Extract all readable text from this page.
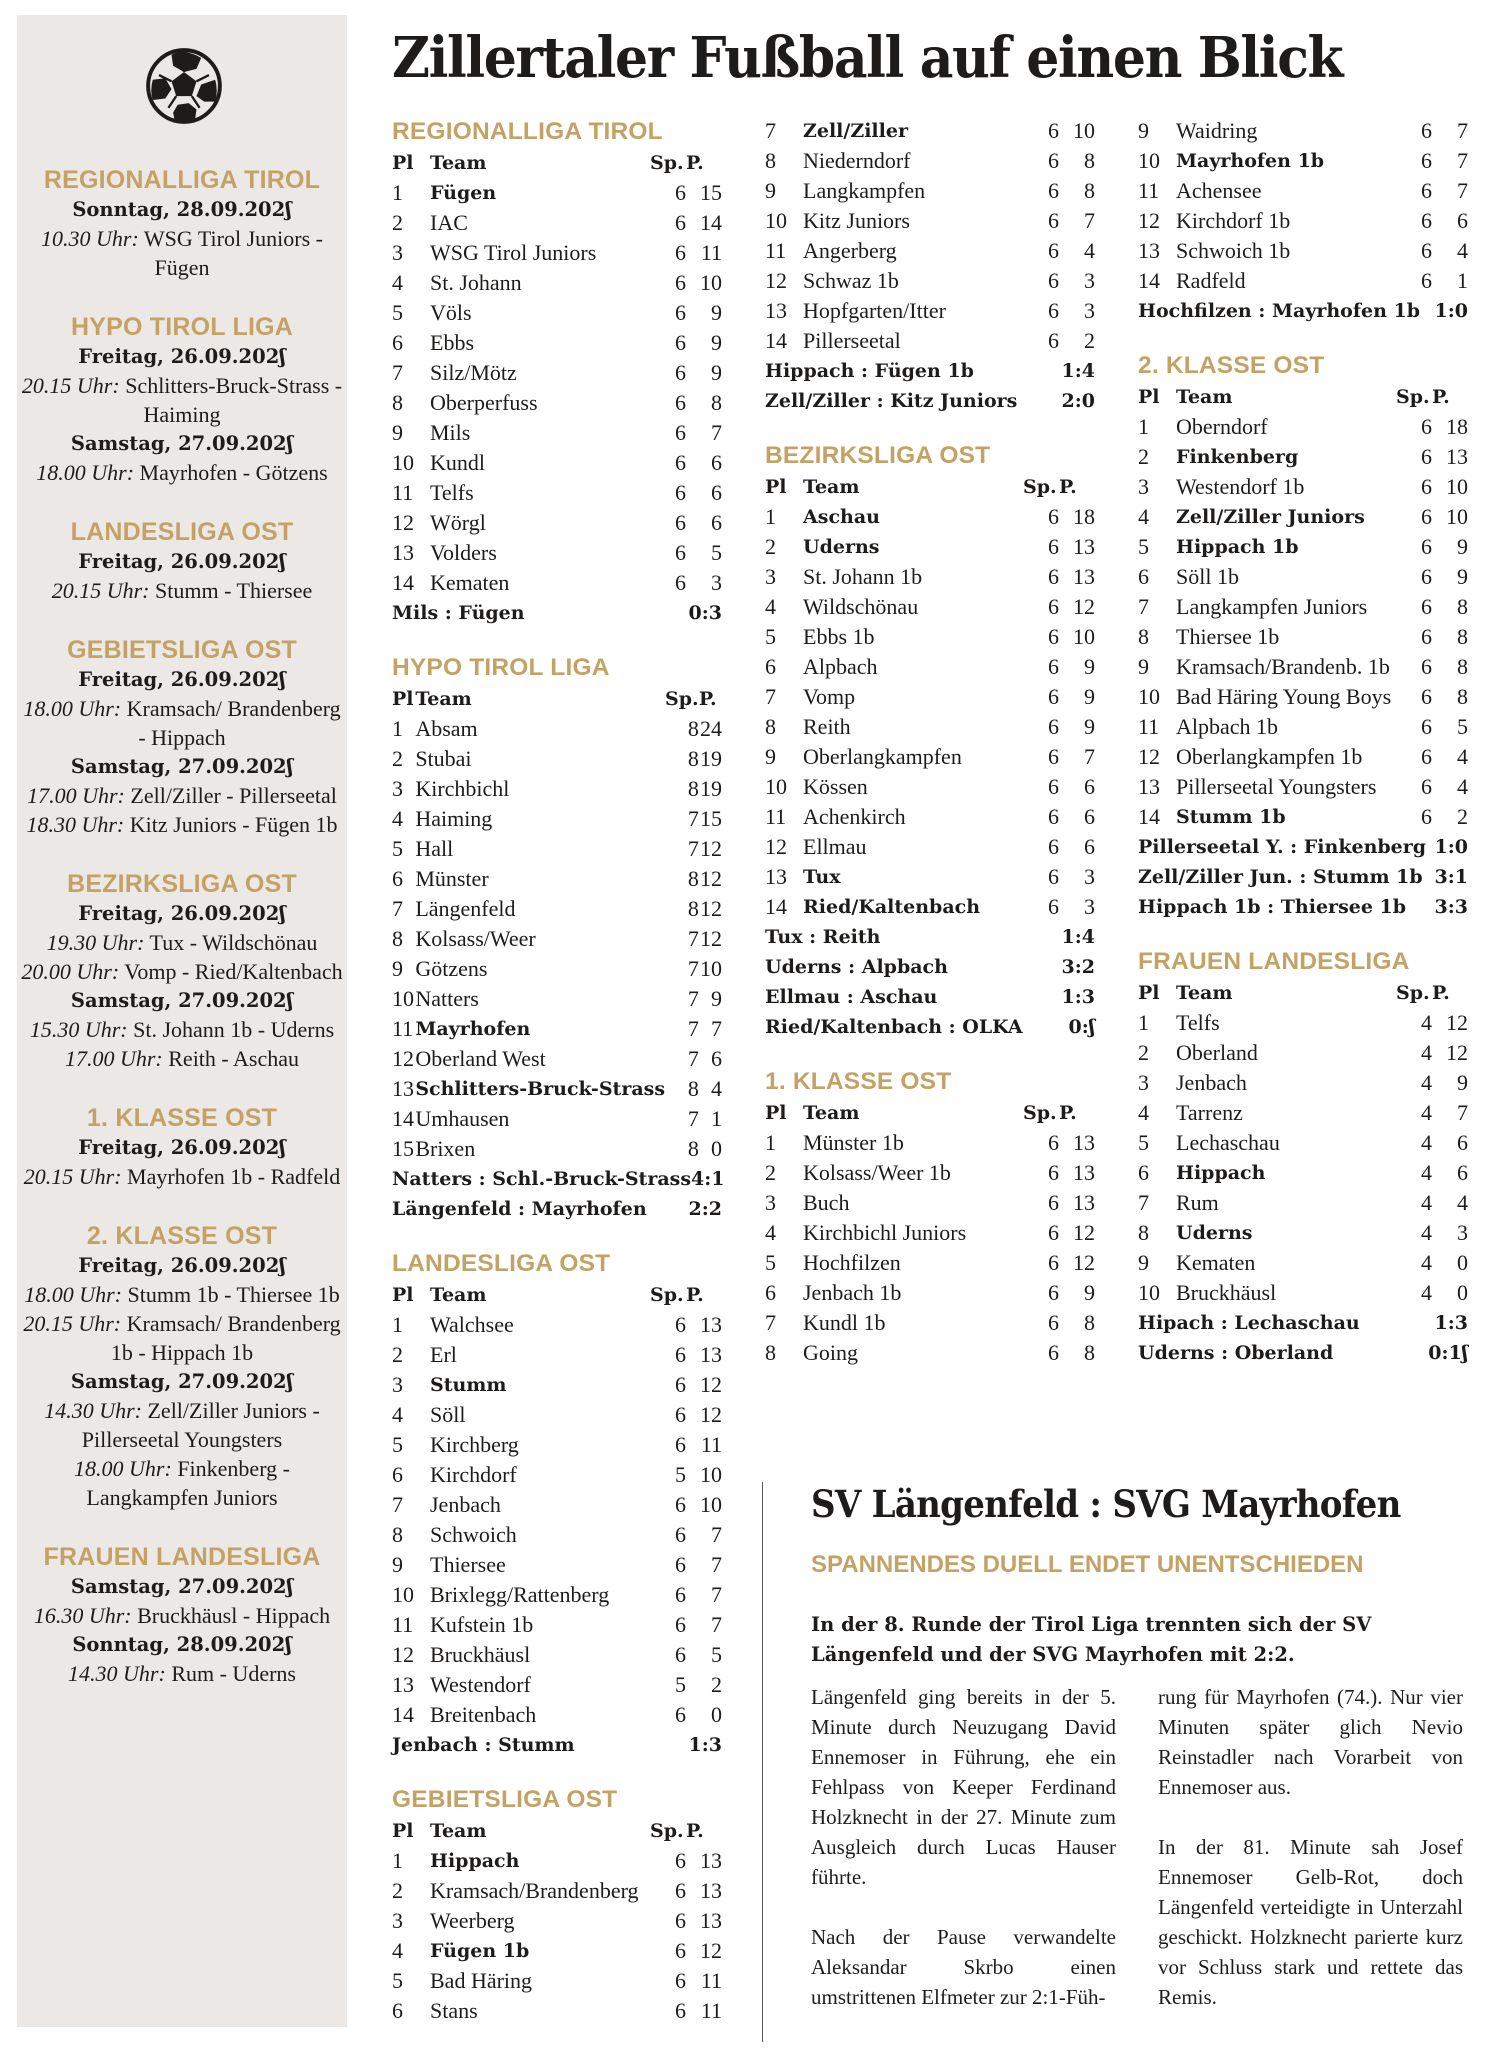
REGIONALLIGA TIROL
Sonntag, 28.09.202ʃ
10.30 Uhr: WSG Tirol Juniors - Fügen
HYPO TIROL LIGA
Freitag, 26.09.202ʃ
20.15 Uhr: Schlitters-Bruck-Strass - Haiming
Samstag, 27.09.202ʃ
18.00 Uhr: Mayrhofen - Götzens
LANDESLIGA OST
Freitag, 26.09.202ʃ
20.15 Uhr: Stumm - Thiersee
GEBIETSLIGA OST
Freitag, 26.09.202ʃ
18.00 Uhr: Kramsach/ Brandenberg - Hippach
Samstag, 27.09.202ʃ
17.00 Uhr: Zell/Ziller - Pillerseetal
18.30 Uhr: Kitz Juniors - Fügen 1b
BEZIRKSLIGA OST
Freitag, 26.09.202ʃ
19.30 Uhr: Tux - Wildschönau
20.00 Uhr: Vomp - Ried/Kaltenbach
Samstag, 27.09.202ʃ
15.30 Uhr: St. Johann 1b - Uderns
17.00 Uhr: Reith - Aschau
1. KLASSE OST
Freitag, 26.09.202ʃ
20.15 Uhr: Mayrhofen 1b - Radfeld
2. KLASSE OST
Freitag, 26.09.202ʃ
18.00 Uhr: Stumm 1b - Thiersee 1b
20.15 Uhr: Kramsach/ Brandenberg 1b - Hippach 1b
Samstag, 27.09.202ʃ
14.30 Uhr: Zell/Ziller Juniors - Pillerseetal Youngsters
18.00 Uhr: Finkenberg - Langkampfen Juniors
FRAUEN LANDESLIGA
Samstag, 27.09.202ʃ
16.30 Uhr: Bruckhäusl - Hippach
Sonntag, 28.09.202ʃ
14.30 Uhr: Rum - Uderns
Zillertaler Fußball auf einen Blick
REGIONALLIGA TIROL
Pl	Team	Sp.	P.
1	Fügen	6	15
2	IAC	6	14
3	WSG Tirol Juniors	6	11
4	St. Johann	6	10
5	Völs	6	9
6	Ebbs	6	9
7	Silz/Mötz	6	9
8	Oberperfuss	6	8
9	Mils	6	7
10	Kundl	6	6
11	Telfs	6	6
12	Wörgl	6	6
13	Volders	6	5
14	Kematen	6	3
Mils : Fügen	0:3
HYPO TIROL LIGA
Pl	Team	Sp.	P.
1	Absam	8	24
2	Stubai	8	19
3	Kirchbichl	8	19
4	Haiming	7	15
5	Hall	7	12
6	Münster	8	12
7	Längenfeld	8	12
8	Kolsass/Weer	7	12
9	Götzens	7	10
10	Natters	7	9
11	Mayrhofen	7	7
12	Oberland West	7	6
13	Schlitters-Bruck-Strass	8	4
14	Umhausen	7	1
15	Brixen	8	0
Natters : Schl.-Bruck-Strass 4:1
Längenfeld : Mayrhofen 2:2
LANDESLIGA OST
Pl	Team	Sp.	P.
1	Walchsee	6	13
2	Erl	6	13
3	Stumm	6	12
4	Söll	6	12
5	Kirchberg	6	11
6	Kirchdorf	5	10
7	Jenbach	6	10
8	Schwoich	6	7
9	Thiersee	6	7
10	Brixlegg/Rattenberg	6	7
11	Kufstein 1b	6	7
12	Bruckhäusl	6	5
13	Westendorf	5	2
14	Breitenbach	6	0
Jenbach : Stumm	1:3
GEBIETSLIGA OST
Pl	Team	Sp.	P.
1	Hippach	6	13
2	Kramsach/Brandenberg	6	13
3	Weerberg	6	13
4	Fügen 1b	6	12
5	Bad Häring	6	11
6	Stans	6	11
7	Zell/Ziller	6	10
8	Niederndorf	6	8
9	Langkampfen	6	8
10	Kitz Juniors	6	7
11	Angerberg	6	4
12	Schwaz 1b	6	3
13	Hopfgarten/Itter	6	3
14	Pillerseetal	6	2
Hippach : Fügen 1b	1:4
Zell/Ziller : Kitz Juniors 2:0
BEZIRKSLIGA OST
Pl	Team	Sp.	P.
1	Aschau	6	18
2	Uderns	6	13
3	St. Johann 1b	6	13
4	Wildschönau	6	12
5	Ebbs 1b	6	10
6	Alpbach	6	9
7	Vomp	6	9
8	Reith	6	9
9	Oberlangkampfen	6	7
10	Kössen	6	6
11	Achenkirch	6	6
12	Ellmau	6	6
13	Tux	6	3
14	Ried/Kaltenbach	6	3
Tux : Reith	1:4
Uderns : Alpbach	3:2
Ellmau : Aschau	1:3
Ried/Kaltenbach : OLKA 0:ʃ
1. KLASSE OST
Pl	Team	Sp.	P.
1	Münster 1b	6	13
2	Kolsass/Weer 1b	6	13
3	Buch	6	13
4	Kirchbichl Juniors	6	12
5	Hochfilzen	6	12
6	Jenbach 1b	6	9
7	Kundl 1b	6	8
8	Going	6	8
9	Waidring	6	7
10	Mayrhofen 1b	6	7
11	Achensee	6	7
12	Kirchdorf 1b	6	6
13	Schwoich 1b	6	4
14	Radfeld	6	1
Hochfilzen : Mayrhofen 1b 1:0
2. KLASSE OST
Pl	Team	Sp.	P.
1	Oberndorf	6	18
2	Finkenberg	6	13
3	Westendorf 1b	6	10
4	Zell/Ziller Juniors	6	10
5	Hippach 1b	6	9
6	Söll 1b	6	9
7	Langkampfen Juniors	6	8
8	Thiersee 1b	6	8
9	Kramsach/Brandenb. 1b	6	8
10	Bad Häring Young Boys	6	8
11	Alpbach 1b	6	5
12	Oberlangkampfen 1b	6	4
13	Pillerseetal Youngsters	6	4
14	Stumm 1b	6	2
Pillerseetal Y. : Finkenberg 1:0
Zell/Ziller Jun. : Stumm 1b 3:1
Hippach 1b : Thiersee 1b 3:3
FRAUEN LANDESLIGA
Pl	Team	Sp.	P.
1	Telfs	4	12
2	Oberland	4	12
3	Jenbach	4	9
4	Tarrenz	4	7
5	Lechaschau	4	6
6	Hippach	4	6
7	Rum	4	4
8	Uderns	4	3
9	Kematen	4	0
10	Bruckhäusl	4	0
Hipach : Lechaschau	1:3
Uderns : Oberland	0:1ʃ
SV Längenfeld : SVG Mayrhofen
SPANNENDES DUELL ENDET UNENTSCHIEDEN
In der 8. Runde der Tirol Liga trennten sich der SV Längenfeld und der SVG Mayrhofen mit 2:2.

Längenfeld ging bereits in der 5. Minute durch Neuzugang David Ennemoser in Führung, ehe ein Fehlpass von Keeper Ferdinand Holzknecht in der 27. Minute zum Ausgleich durch Lucas Hauser führte.

Nach der Pause verwandelte Aleksandar Skrbo einen umstrittenen Elfmeter zur 2:1-Füh-

rung für Mayrhofen (74.). Nur vier Minuten später glich Nevio Reinstadler nach Vorarbeit von Ennemoser aus.

In der 81. Minute sah Josef Ennemoser Gelb-Rot, doch Längenfeld verteidigte in Unterzahl geschickt. Holzknecht parierte kurz vor Schluss stark und rettete das Remis.
